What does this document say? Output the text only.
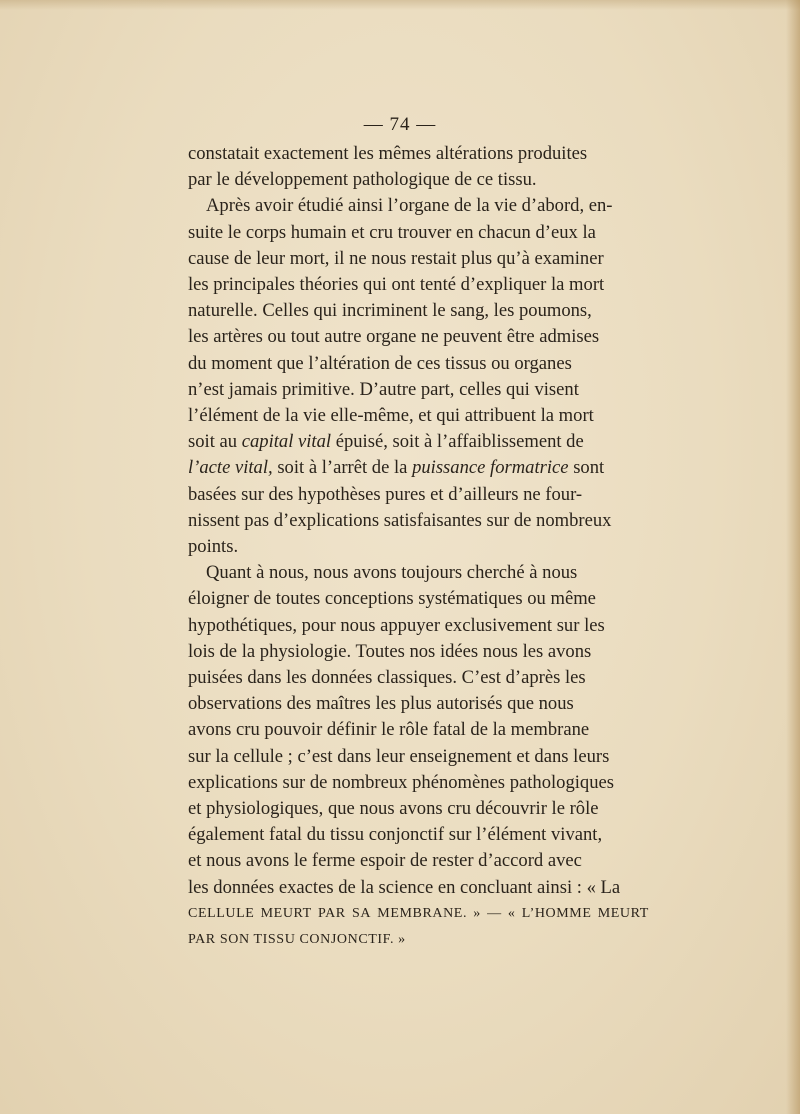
— 74 —
constatait exactement les mêmes altérations produites
par le développement pathologique de ce tissu.
Après avoir étudié ainsi l’organe de la vie d’abord, en-
suite le corps humain et cru trouver en chacun d’eux la
cause de leur mort, il ne nous restait plus qu’à examiner
les principales théories qui ont tenté d’expliquer la mort
naturelle. Celles qui incriminent le sang, les poumons,
les artères ou tout autre organe ne peuvent être admises
du moment que l’altération de ces tissus ou organes
n’est jamais primitive. D’autre part, celles qui visent
l’élément de la vie elle-même, et qui attribuent la mort
soit au capital vital épuisé, soit à l’affaiblissement de
l’acte vital, soit à l’arrêt de la puissance formatrice sont
basées sur des hypothèses pures et d’ailleurs ne four-
nissent pas d’explications satisfaisantes sur de nombreux
points.
Quant à nous, nous avons toujours cherché à nous
éloigner de toutes conceptions systématiques ou même
hypothétiques, pour nous appuyer exclusivement sur les
lois de la physiologie. Toutes nos idées nous les avons
puisées dans les données classiques. C’est d’après les
observations des maîtres les plus autorisés que nous
avons cru pouvoir définir le rôle fatal de la membrane
sur la cellule ; c’est dans leur enseignement et dans leurs
explications sur de nombreux phénomènes pathologiques
et physiologiques, que nous avons cru découvrir le rôle
également fatal du tissu conjonctif sur l’élément vivant,
et nous avons le ferme espoir de rester d’accord avec
les données exactes de la science en concluant ainsi : « La
CELLULE MEURT PAR SA MEMBRANE. » — « L’HOMME MEURT
PAR SON TISSU CONJONCTIF. »
